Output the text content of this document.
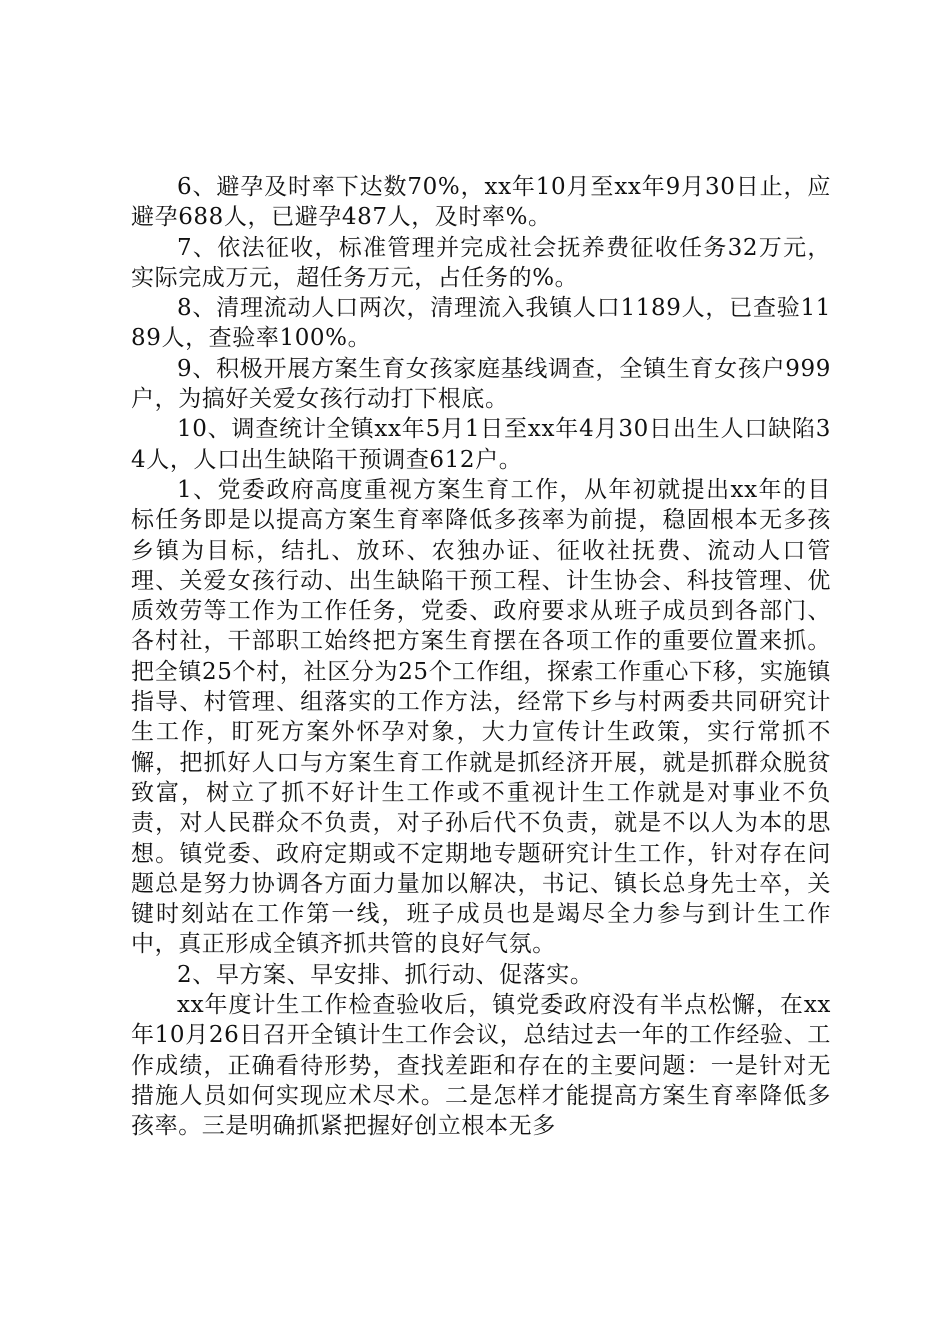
6、避孕及时率下达数70%，xx年10月至xx年9月30日止，应避孕688人，已避孕487人，及时率%。

7、依法征收，标准管理并完成社会抚养费征收任务32万元，实际完成万元，超任务万元，占任务的%。

8、清理流动人口两次，清理流入我镇人口1189人，已查验1189人，查验率100%。

9、积极开展方案生育女孩家庭基线调查，全镇生育女孩户999户，为搞好关爱女孩行动打下根底。

10、调查统计全镇xx年5月1日至xx年4月30日出生人口缺陷34人，人口出生缺陷干预调查612户。

1、党委政府高度重视方案生育工作，从年初就提出xx年的目标任务即是以提高方案生育率降低多孩率为前提，稳固根本无多孩乡镇为目标，结扎、放环、农独办证、征收社抚费、流动人口管理、关爱女孩行动、出生缺陷干预工程、计生协会、科技管理、优质效劳等工作为工作任务，党委、政府要求从班子成员到各部门、各村社，干部职工始终把方案生育摆在各项工作的重要位置来抓。把全镇25个村，社区分为25个工作组，探索工作重心下移，实施镇指导、村管理、组落实的工作方法，经常下乡与村两委共同研究计生工作，盯死方案外怀孕对象，大力宣传计生政策，实行常抓不懈，把抓好人口与方案生育工作就是抓经济开展，就是抓群众脱贫致富，树立了抓不好计生工作或不重视计生工作就是对事业不负责，对人民群众不负责，对子孙后代不负责，就是不以人为本的思想。镇党委、政府定期或不定期地专题研究计生工作，针对存在问题总是努力协调各方面力量加以解决，书记、镇长总身先士卒，关键时刻站在工作第一线，班子成员也是竭尽全力参与到计生工作中，真正形成全镇齐抓共管的良好气氛。

2、早方案、早安排、抓行动、促落实。

xx年度计生工作检查验收后，镇党委政府没有半点松懈，在xx年10月26日召开全镇计生工作会议，总结过去一年的工作经验、工作成绩，正确看待形势，查找差距和存在的主要问题：一是针对无措施人员如何实现应术尽术。二是怎样才能提高方案生育率降低多孩率。三是明确抓紧把握好创立根本无多
